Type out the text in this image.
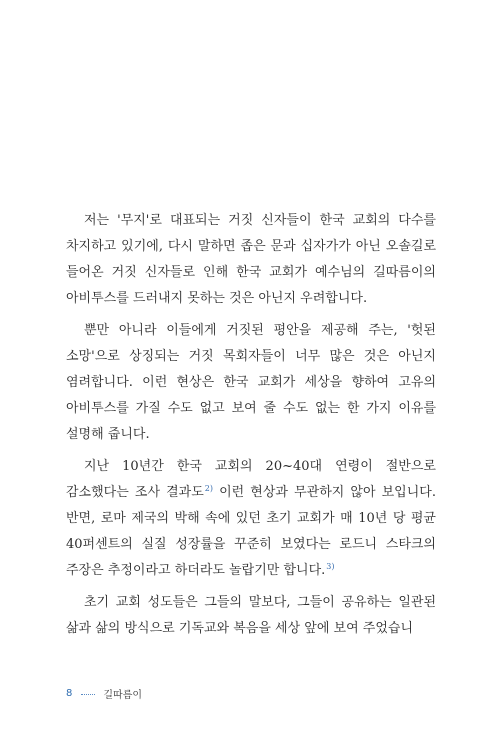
저는 '무지'로 대표되는 거짓 신자들이 한국 교회의 다수를 차지하고 있기에, 다시 말하면 좁은 문과 십자가가 아닌 오솔길로 들어온 거짓 신자들로 인해 한국 교회가 예수님의 길따름이의 아비투스를 드러내지 못하는 것은 아닌지 우려합니다.

뿐만 아니라 이들에게 거짓된 평안을 제공해 주는, '헛된 소망'으로 상징되는 거짓 목회자들이 너무 많은 것은 아닌지 염려합니다. 이런 현상은 한국 교회가 세상을 향하여 고유의 아비투스를 가질 수도 없고 보여 줄 수도 없는 한 가지 이유를 설명해 줍니다.

지난 10년간 한국 교회의 20~40대 연령이 절반으로 감소했다는 조사 결과도$^{2)}$ 이런 현상과 무관하지 않아 보입니다. 반면, 로마 제국의 박해 속에 있던 초기 교회가 매 10년 당 평균 40퍼센트의 실질 성장률을 꾸준히 보였다는 로드니 스타크의 주장은 추정이라고 하더라도 놀랍기만 합니다.$^{3)}$

초기 교회 성도들은 그들의 말보다, 그들이 공유하는 일관된 삶과 삶의 방식으로 기독교와 복음을 세상 앞에 보여 주었습니

8	길따름이
